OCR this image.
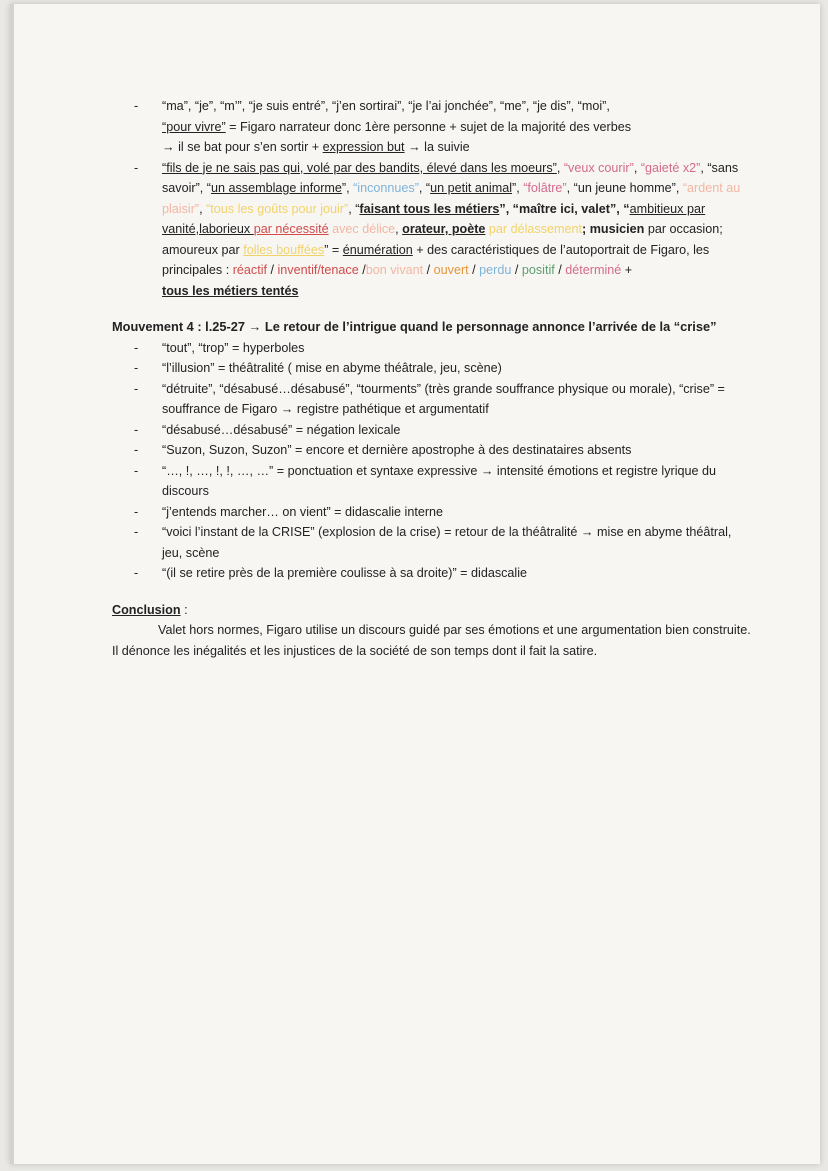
- “ma”, “je”, “m’”, “je suis entré”, “j’en sortirai”, “je l’ai jonchée”, “me”, “je dis”, “moi”,
“pour vivre” = Figaro narrateur donc 1ère personne + sujet de la majorité des verbes
→ il se bat pour s’en sortir + expression but → la suivie
- “fils de je ne sais pas qui, volé par des bandits, élevé dans les moeurs”, “veux courir”, “gaieté x2”, “sans savoir”, “un assemblage informe”, “inconnues”, “un petit animal”, “folâtre”, “un jeune homme”, “ardent au plaisir”, “tous les goûts pour jouir”, “faisant tous les métiers”, “maître ici, valet”, “ambitieux par vanité,laborieux par nécessité avec délice, orateur, poète par délassement; musicien par occasion; amoureux par folles bouffées” = énumération + des caractéristiques de l’autoportrait de Figaro, les principales : réactif / inventif/tenace /bon vivant / ouvert / perdu / positif / déterminé +
tous les métiers tentés
Mouvement 4 : l.25-27 → Le retour de l’intrigue quand le personnage annonce l’arrivée de la “crise”
- “tout”, “trop” = hyperboles
- “l’illusion” = théâtralité ( mise en abyme théâtrale, jeu, scène)
- “détruite”, “désabusé…désabusé”, “tourments” (très grande souffrance physique ou morale), “crise” = souffrance de Figaro → registre pathétique et argumentatif
- “désabusé…désabusé” = négation lexicale
- “Suzon, Suzon, Suzon” = encore et dernière apostrophe à des destinataires absents
- “…, !, …, !, !, …, …” = ponctuation et syntaxe expressive → intensité émotions et registre lyrique du discours
- “j’entends marcher… on vient” = didascalie interne
- “voici l’instant de la CRISE” (explosion de la crise) = retour de la théâtralité → mise en abyme théâtral, jeu, scène
- “(il se retire près de la première coulisse à sa droite)” = didascalie
Conclusion :
Valet hors normes, Figaro utilise un discours guidé par ses émotions et une argumentation bien construite. Il dénonce les inégalités et les injustices de la société de son temps dont il fait la satire.
